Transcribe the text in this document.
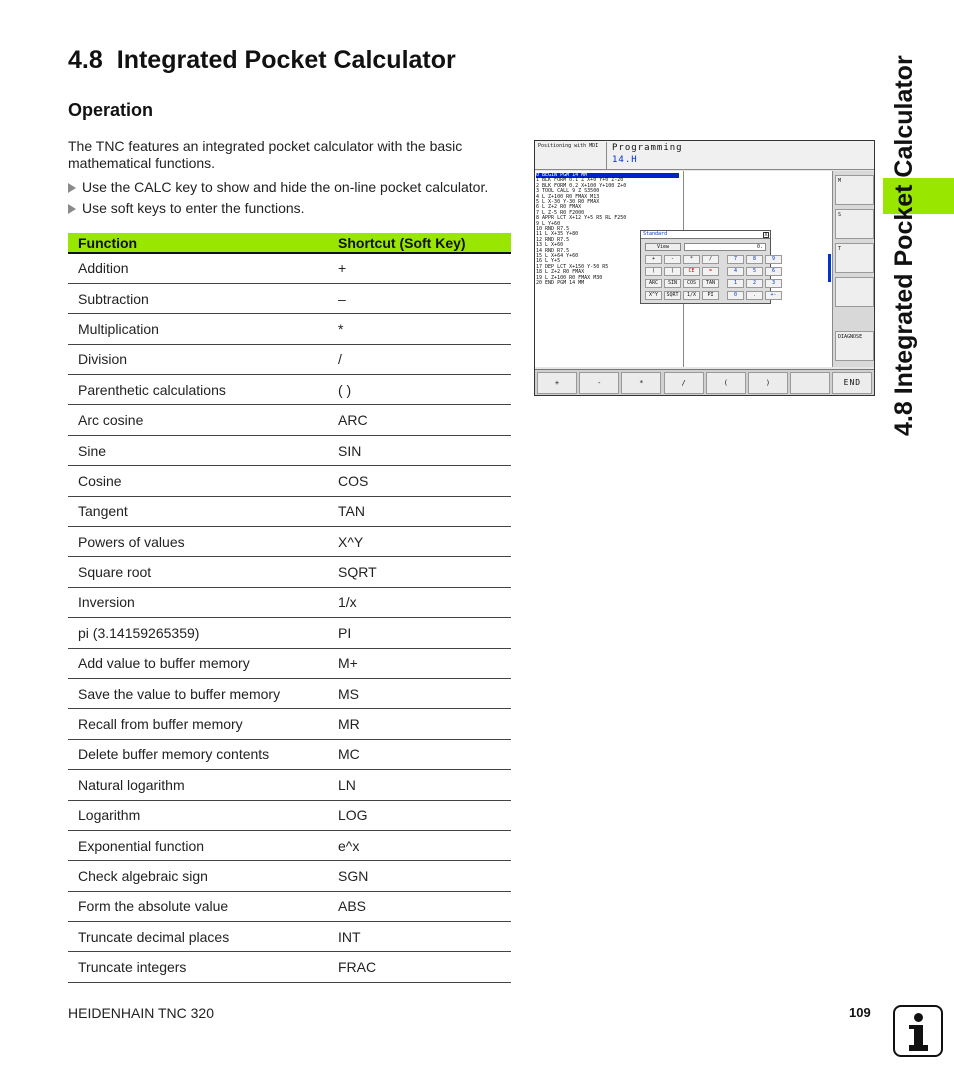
4.8 Integrated Pocket Calculator
Operation
The TNC features an integrated pocket calculator with the basic mathematical functions.
Use the CALC key to show and hide the on-line pocket calculator.
Use soft keys to enter the functions.
Function	Shortcut (Soft Key)
Addition	+
Subtraction	–
Multiplication	*
Division	/
Parenthetic calculations	( )
Arc cosine	ARC
Sine	SIN
Cosine	COS
Tangent	TAN
Powers of values	X^Y
Square root	SQRT
Inversion	1/x
pi (3.14159265359)	PI
Add value to buffer memory	M+
Save the value to buffer memory	MS
Recall from buffer memory	MR
Delete buffer memory contents	MC
Natural logarithm	LN
Logarithm	LOG
Exponential function	e^x
Check algebraic sign	SGN
Form the absolute value	ABS
Truncate decimal places	INT
Truncate integers	FRAC
Positioning with MDI	Programming
14.H
0 BEGIN PGM 14 MM
1 BLK FORM 0.1 Z X+0 Y+0 Z-20
2 BLK FORM 0.2 X+100 Y+100 Z+0
3 TOOL CALL 9 Z S3500
4 L Z+100 R0 FMAX M13
5 L X-30 Y-30 R0 FMAX
6 L Z+2 R0 FMAX
7 L Z-5 R0 F2000
8 APPR LCT X+12 Y+5 R5 RL F250
9 L Y+60
10 RND R7.5
11 L X+35 Y+80
12 RND R7.5
13 L X+60
14 RND R7.5
15 L X+64 Y+60
16 L Y+5
17 DEP LCT X+150 Y-50 R5
18 L Z+2 R0 FMAX
19 L Z+100 R0 FMAX M30
20 END PGM 14 MM
M
S
T
DIAGNOSE
Standard	X
View	0.
+	-	*	/	7	8	9
(	)	CE	=	4	5	6
ARC	SIN	COS	TAN	1	2	3
X^Y	SQRT	1/X	PI	0	.	+-
+	-	*	/	(	)	END	4.8 Integrated Pocket Calculator
HEIDENHAIN TNC 320	109
